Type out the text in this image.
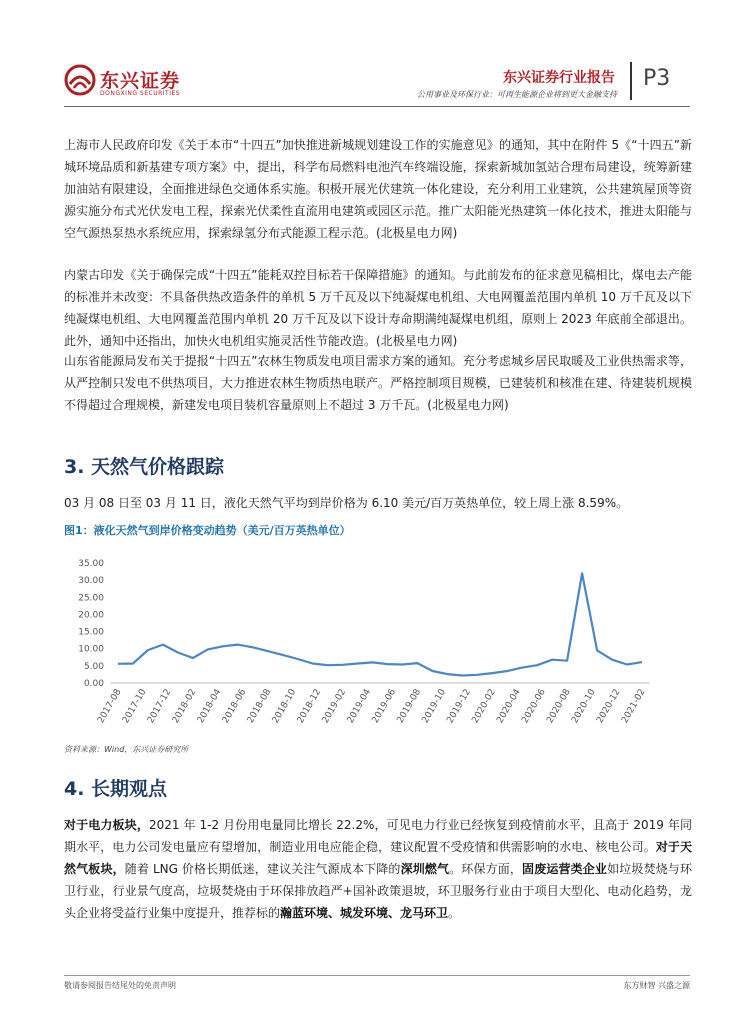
东兴证券
DONGXING SECURITIES
东兴证券行业报告
公用事业及环保行业：可再生能源企业将到更大金融支持
P3
上海市人民政府印发《关于本市“十四五”加快推进新城规划建设工作的实施意见》的通知，其中在附件 5《“十四五”新城环境品质和新基建专项方案》中，提出，科学布局燃料电池汽车终端设施，探索新城加氢站合理布局建设，统筹新建加油站有限建设，全面推进绿色交通体系实施。积极开展光伏建筑一体化建设，充分利用工业建筑，公共建筑屋顶等资源实施分布式光伏发电工程，探索光伏柔性直流用电建筑或园区示范。推广太阳能光热建筑一体化技术，推进太阳能与空气源热泵热水系统应用，探索绿氢分布式能源工程示范。(北极星电力网)
内蒙古印发《关于确保完成“十四五”能耗双控目标若干保障措施》的通知。与此前发布的征求意见稿相比，煤电去产能的标准并未改变：不具备供热改造条件的单机 5 万千瓦及以下纯凝煤电机组、大电网覆盖范围内单机 10 万千瓦及以下纯凝煤电机组、大电网覆盖范围内单机 20 万千瓦及以下设计寿命期满纯凝煤电机组，原则上 2023 年底前全部退出。此外，通知中还指出，加快火电机组实施灵活性节能改造。(北极星电力网)
山东省能源局发布关于提报“十四五”农林生物质发电项目需求方案的通知。充分考虑城乡居民取暖及工业供热需求等，从严控制只发电不供热项目，大力推进农林生物质热电联产。严格控制项目规模，已建装机和核准在建、待建装机规模不得超过合理规模，新建发电项目装机容量原则上不超过 3 万千瓦。(北极星电力网)
3. 天然气价格跟踪
03 月 08 日至 03 月 11 日，液化天然气平均到岸价格为 6.10 美元/百万英热单位，较上周上涨 8.59%。
图1：液化天然气到岸价格变动趋势（美元/百万英热单位）
0.00
5.00
10.00
15.00
20.00
25.00
30.00
35.00
2017-08
2017-10
2017-12
2018-02
2018-04
2018-06
2018-08
2018-10
2018-12
2019-02
2019-04
2019-06
2019-08
2019-10
2019-12
2020-02
2020-04
2020-06
2020-08
2020-10
2020-12
2021-02
资料来源：Wind，东兴证券研究所
4. 长期观点
对于电力板块，2021 年 1-2 月份用电量同比增长 22.2%，可见电力行业已经恢复到疫情前水平，且高于 2019 年同期水平，电力公司发电量应有望增加，制造业用电应能企稳，建议配置不受疫情和供需影响的水电、核电公司。对于天然气板块，随着 LNG 价格长期低迷，建议关注气源成本下降的深圳燃气。环保方面，固废运营类企业如垃圾焚烧与环卫行业，行业景气度高，垃圾焚烧由于环保排放趋严+国补政策退坡，环卫服务行业由于项目大型化、电动化趋势，龙头企业将受益行业集中度提升，推荐标的瀚蓝环境、城发环境、龙马环卫。
敬请参阅报告结尾处的免责声明	东方财智 兴盛之源
